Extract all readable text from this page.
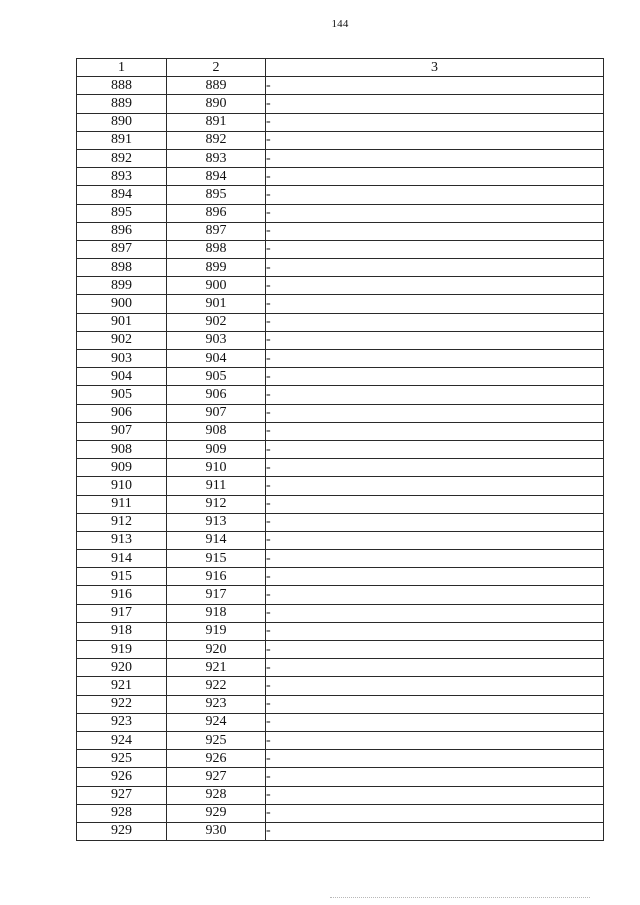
144
1	2	3
888	889	-
889	890	-
890	891	-
891	892	-
892	893	-
893	894	-
894	895	-
895	896	-
896	897	-
897	898	-
898	899	-
899	900	-
900	901	-
901	902	-
902	903	-
903	904	-
904	905	-
905	906	-
906	907	-
907	908	-
908	909	-
909	910	-
910	911	-
911	912	-
912	913	-
913	914	-
914	915	-
915	916	-
916	917	-
917	918	-
918	919	-
919	920	-
920	921	-
921	922	-
922	923	-
923	924	-
924	925	-
925	926	-
926	927	-
927	928	-
928	929	-
929	930	-
